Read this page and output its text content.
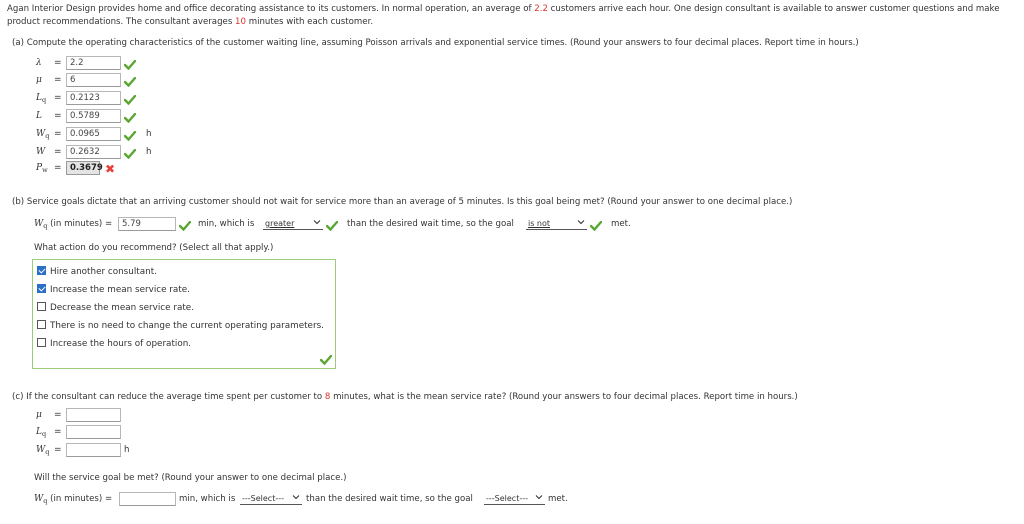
Agan Interior Design provides home and office decorating assistance to its customers. In normal operation, an average of 2.2 customers arrive each hour. One design consultant is available to answer customer questions and make product recommendations. The consultant averages 10 minutes with each customer.
(a) Compute the operating characteristics of the customer waiting line, assuming Poisson arrivals and exponential service times. (Round your answers to four decimal places. Report time in hours.)
λ = 2.2
μ = 6
$L_q = 0.2123$
L = 0.5789
$W_q = 0.0965$	h
W = 0.2632	h
$P_w = 0.3679$ ✖
(b) Service goals dictate that an arriving customer should not wait for service more than an average of 5 minutes. Is this goal being met? (Round your answer to one decimal place.)
$W_q$ (in minutes) =	5.79	min, which is greater	than the desired wait time, so the goal is not	met.
What action do you recommend? (Select all that apply.)
Hire another consultant.
Increase the mean service rate.
Decrease the mean service rate.
There is no need to change the current operating parameters.
Increase the hours of operation.
(c) If the consultant can reduce the average time spent per customer to 8 minutes, what is the mean service rate? (Round your answers to four decimal places. Report time in hours.)
μ =
$L_q$ =
$W_q$ =	h
Will the service goal be met? (Round your answer to one decimal place.)
$W_q$ (in minutes) =	min, which is ---Select---	than the desired wait time, so the goal ---Select---	met.
